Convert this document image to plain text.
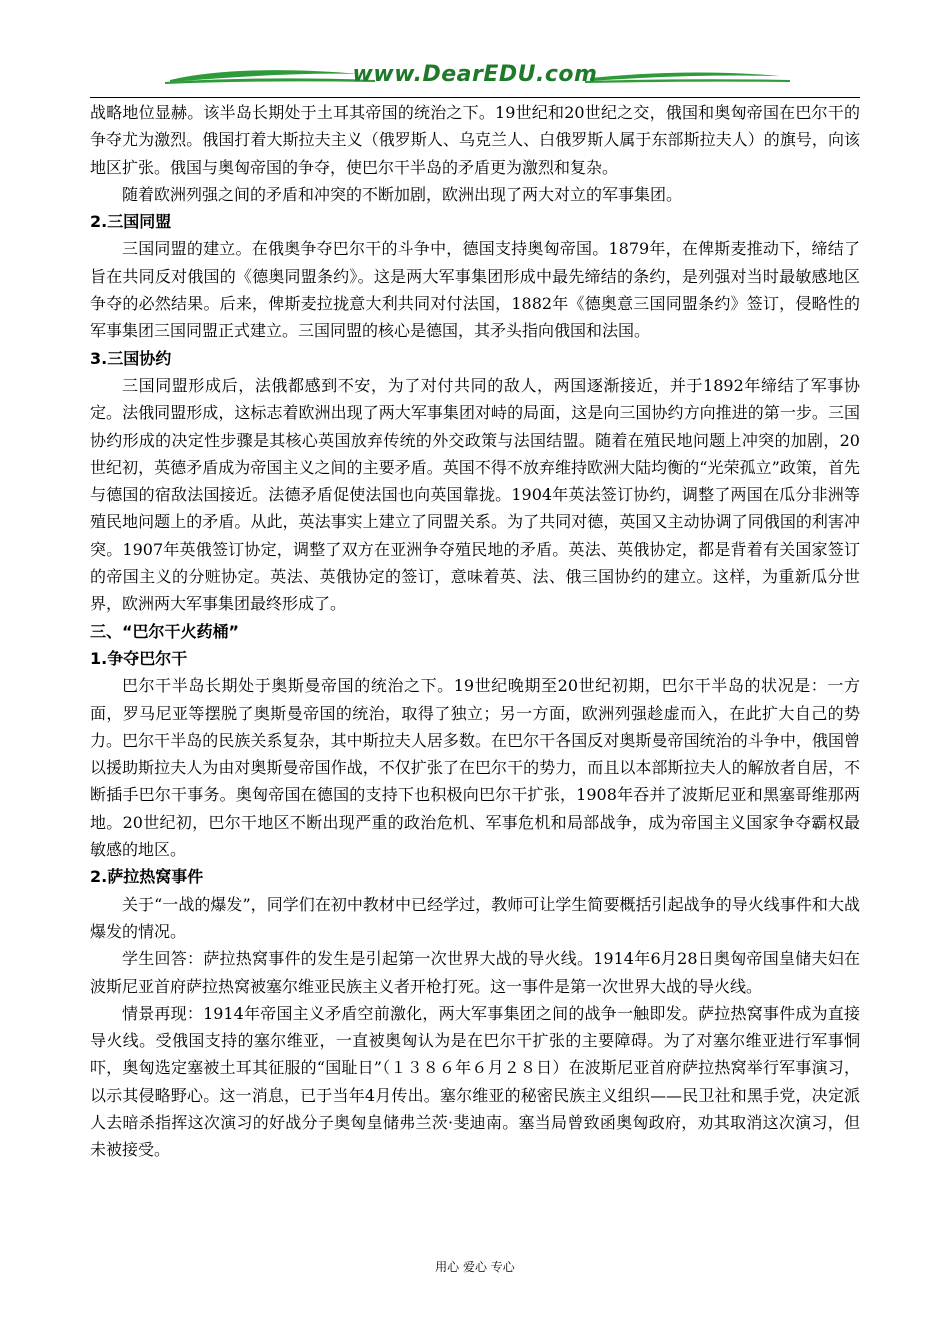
www.DearEDU.com

战略地位显赫。该半岛长期处于土耳其帝国的统治之下。19世纪和20世纪之交，俄国和奥匈帝国在巴尔干的争夺尤为激烈。俄国打着大斯拉夫主义（俄罗斯人、乌克兰人、白俄罗斯人属于东部斯拉夫人）的旗号，向该地区扩张。俄国与奥匈帝国的争夺，使巴尔干半岛的矛盾更为激烈和复杂。

随着欧洲列强之间的矛盾和冲突的不断加剧，欧洲出现了两大对立的军事集团。

2.三国同盟

三国同盟的建立。在俄奥争夺巴尔干的斗争中，德国支持奥匈帝国。1879年，在俾斯麦推动下，缔结了旨在共同反对俄国的《德奥同盟条约》。这是两大军事集团形成中最先缔结的条约，是列强对当时最敏感地区争夺的必然结果。后来，俾斯麦拉拢意大利共同对付法国，1882年《德奥意三国同盟条约》签订，侵略性的军事集团三国同盟正式建立。三国同盟的核心是德国，其矛头指向俄国和法国。

3.三国协约

三国同盟形成后，法俄都感到不安，为了对付共同的敌人，两国逐渐接近，并于1892年缔结了军事协定。法俄同盟形成，这标志着欧洲出现了两大军事集团对峙的局面，这是向三国协约方向推进的第一步。三国协约形成的决定性步骤是其核心英国放弃传统的外交政策与法国结盟。随着在殖民地问题上冲突的加剧，20世纪初，英德矛盾成为帝国主义之间的主要矛盾。英国不得不放弃维持欧洲大陆均衡的“光荣孤立”政策，首先与德国的宿敌法国接近。法德矛盾促使法国也向英国靠拢。1904年英法签订协约，调整了两国在瓜分非洲等殖民地问题上的矛盾。从此，英法事实上建立了同盟关系。为了共同对德，英国又主动协调了同俄国的利害冲突。1907年英俄签订协定，调整了双方在亚洲争夺殖民地的矛盾。英法、英俄协定，都是背着有关国家签订的帝国主义的分赃协定。英法、英俄协定的签订，意味着英、法、俄三国协约的建立。这样，为重新瓜分世界，欧洲两大军事集团最终形成了。

三、“巴尔干火药桶”
1.争夺巴尔干

巴尔干半岛长期处于奥斯曼帝国的统治之下。19世纪晚期至20世纪初期，巴尔干半岛的状况是：一方面，罗马尼亚等摆脱了奥斯曼帝国的统治，取得了独立；另一方面，欧洲列强趁虚而入，在此扩大自己的势力。巴尔干半岛的民族关系复杂，其中斯拉夫人居多数。在巴尔干各国反对奥斯曼帝国统治的斗争中，俄国曾以援助斯拉夫人为由对奥斯曼帝国作战，不仅扩张了在巴尔干的势力，而且以本部斯拉夫人的解放者自居，不断插手巴尔干事务。奥匈帝国在德国的支持下也积极向巴尔干扩张，1908年吞并了波斯尼亚和黑塞哥维那两地。20世纪初，巴尔干地区不断出现严重的政治危机、军事危机和局部战争，成为帝国主义国家争夺霸权最敏感的地区。

2.萨拉热窝事件

关于“一战的爆发”，同学们在初中教材中已经学过，教师可让学生简要概括引起战争的导火线事件和大战爆发的情况。

学生回答：萨拉热窝事件的发生是引起第一次世界大战的导火线。1914年6月28日奥匈帝国皇储夫妇在波斯尼亚首府萨拉热窝被塞尔维亚民族主义者开枪打死。这一事件是第一次世界大战的导火线。

情景再现：1914年帝国主义矛盾空前激化，两大军事集团之间的战争一触即发。萨拉热窝事件成为直接导火线。受俄国支持的塞尔维亚，一直被奥匈认为是在巴尔干扩张的主要障碍。为了对塞尔维亚进行军事恫吓，奥匈选定塞被土耳其征服的“国耻日”（１３８６年６月２８日）在波斯尼亚首府萨拉热窝举行军事演习，以示其侵略野心。这一消息，已于当年4月传出。塞尔维亚的秘密民族主义组织——民卫社和黑手党，决定派人去暗杀指挥这次演习的好战分子奥匈皇储弗兰茨·斐迪南。塞当局曾致函奥匈政府，劝其取消这次演习，但未被接受。

用心 爱心 专心
